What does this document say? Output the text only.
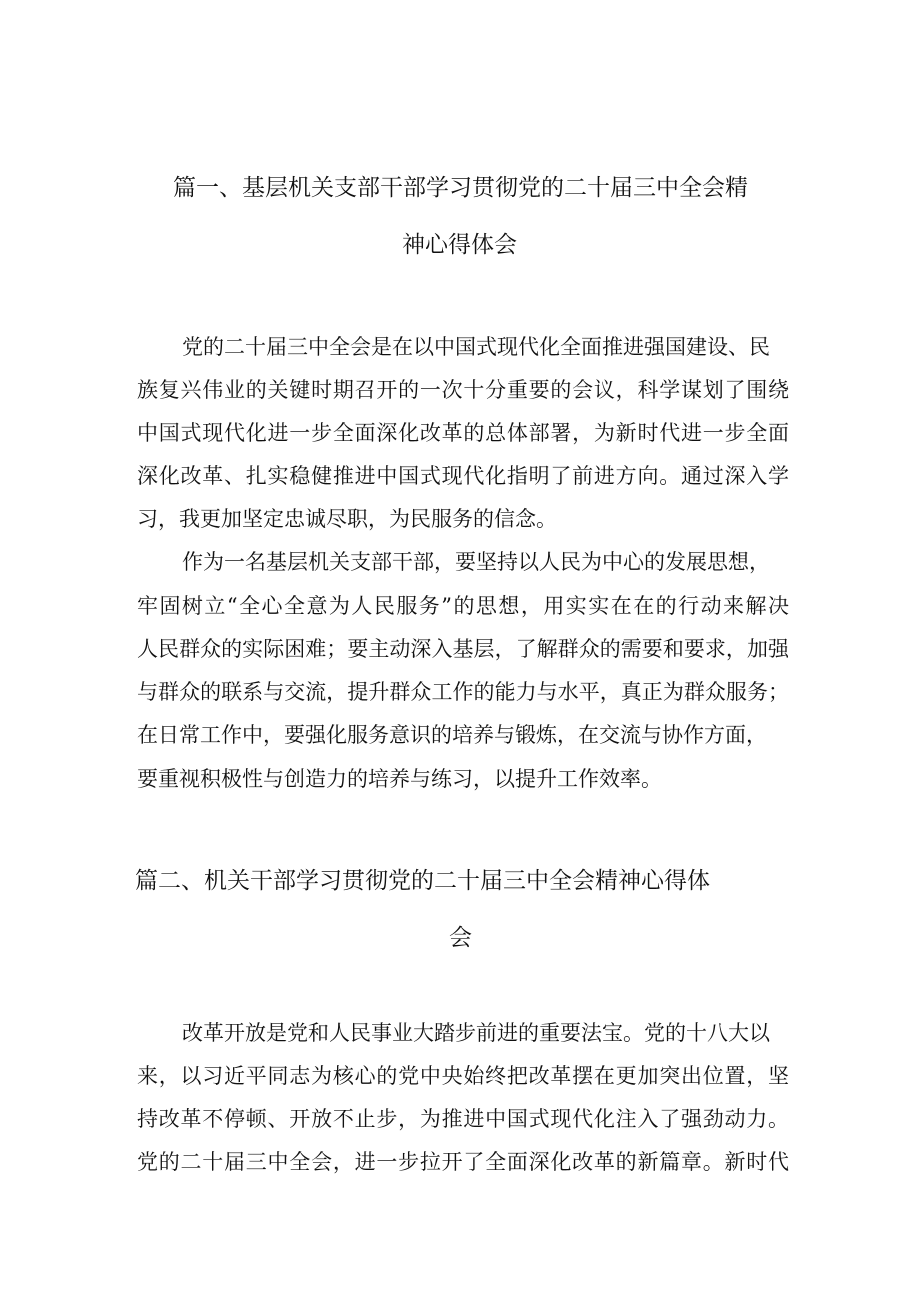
篇一、基层机关支部干部学习贯彻党的二十届三中全会精
神心得体会
党的二十届三中全会是在以中国式现代化全面推进强国建设、民
族复兴伟业的关键时期召开的一次十分重要的会议，科学谋划了围绕
中国式现代化进一步全面深化改革的总体部署，为新时代进一步全面
深化改革、扎实稳健推进中国式现代化指明了前进方向。通过深入学
习，我更加坚定忠诚尽职，为民服务的信念。
作为一名基层机关支部干部，要坚持以人民为中心的发展思想，
牢固树立“全心全意为人民服务”的思想，用实实在在的行动来解决
人民群众的实际困难；要主动深入基层，了解群众的需要和要求，加强
与群众的联系与交流，提升群众工作的能力与水平，真正为群众服务；
在日常工作中，要强化服务意识的培养与锻炼，在交流与协作方面，
要重视积极性与创造力的培养与练习，以提升工作效率。
篇二、机关干部学习贯彻党的二十届三中全会精神心得体
会
改革开放是党和人民事业大踏步前进的重要法宝。党的十八大以
来，以习近平同志为核心的党中央始终把改革摆在更加突出位置，坚
持改革不停顿、开放不止步，为推进中国式现代化注入了强劲动力。
党的二十届三中全会，进一步拉开了全面深化改革的新篇章。新时代
